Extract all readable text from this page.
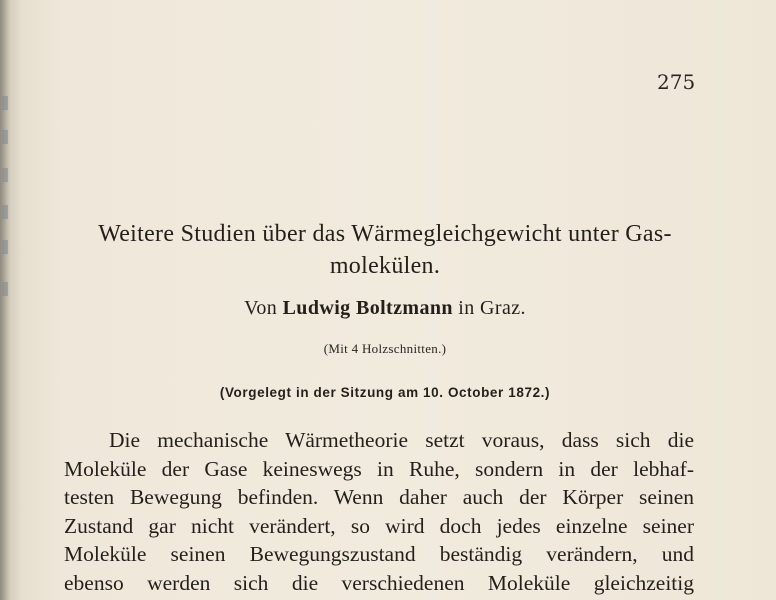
275
Weitere Studien über das Wärmegleichgewicht unter Gas-
molekülen.
Von Ludwig Boltzmann in Graz.
(Mit 4 Holzschnitten.)
(Vorgelegt in der Sitzung am 10. October 1872.)
Die mechanische Wärmetheorie setzt voraus, dass sich die
Moleküle der Gase keineswegs in Ruhe, sondern in der lebhaf-
testen Bewegung befinden. Wenn daher auch der Körper seinen
Zustand gar nicht verändert, so wird doch jedes einzelne seiner
Moleküle seinen Bewegungszustand beständig verändern, und
ebenso werden sich die verschiedenen Moleküle gleichzeitig
